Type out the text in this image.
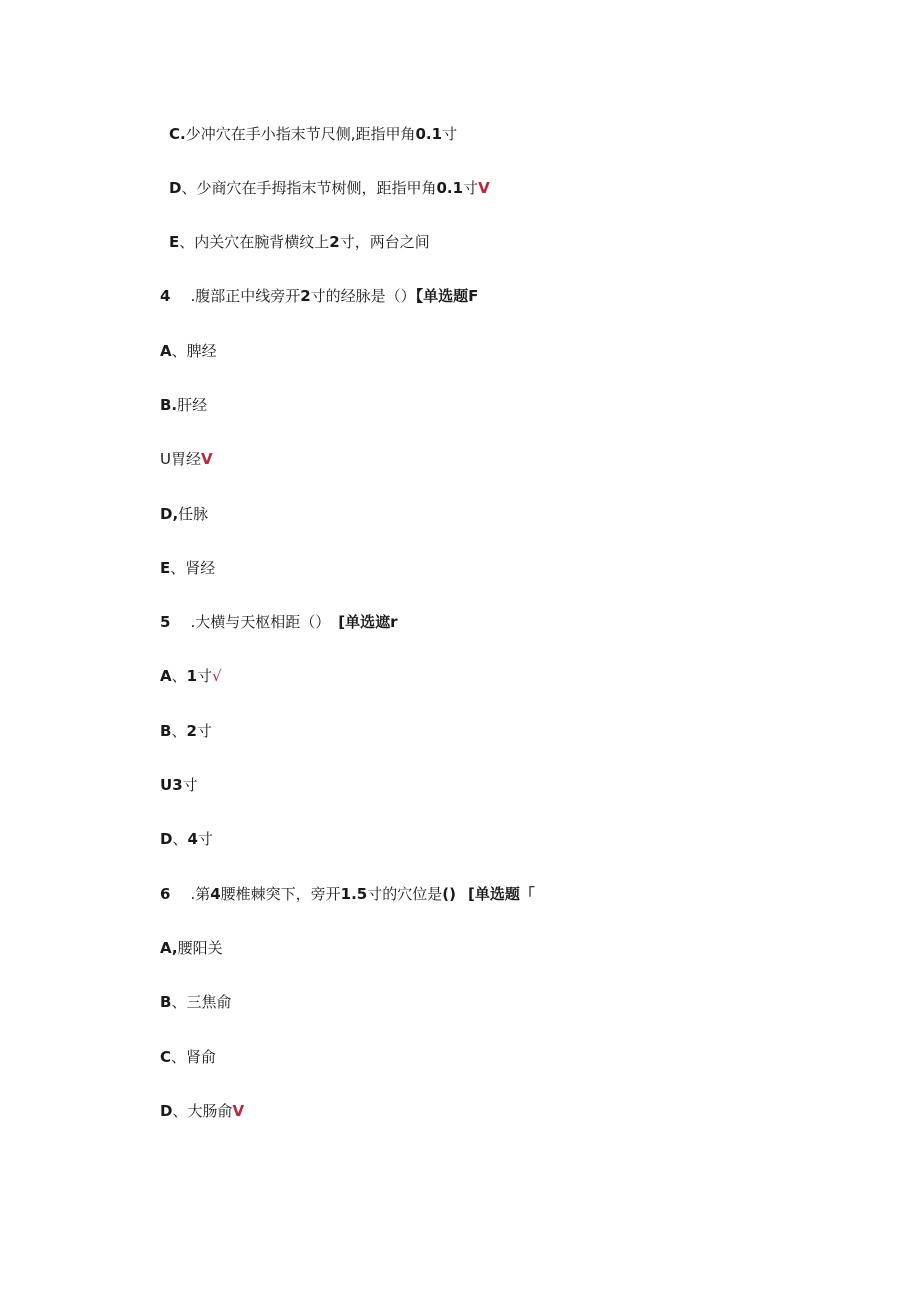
C.少冲穴在手小指末节尺侧,距指甲角0.1寸
D、少商穴在手拇指末节树侧，距指甲角0.1寸V
E、内关穴在腕背横纹上2寸，两台之间
4 .腹部正中线旁开2寸的经脉是（）【单选题F
A、脾经
B.肝经
U胃经V
D,任脉
E、肾经
5 .大横与天枢相距（） [单选遮r
A、1寸√
B、2寸
U3寸
D、4寸
6 .第4腰椎棘突下，旁开1.5寸的穴位是() [单选题「
A,腰阳关
B、三焦俞
C、肾俞
D、大肠俞V
